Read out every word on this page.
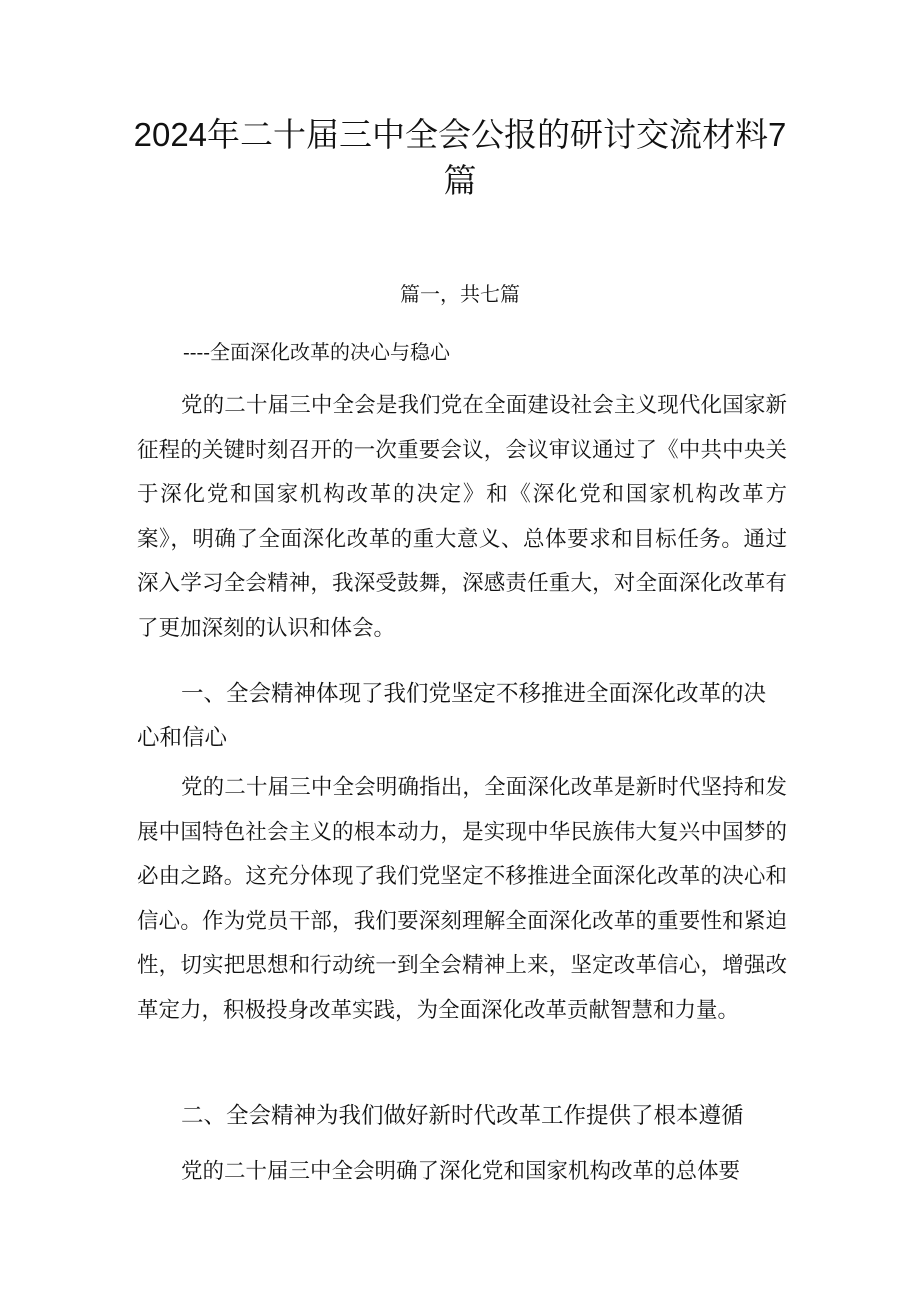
2024年二十届三中全会公报的研讨交流材料7篇

篇一，共七篇

----全面深化改革的决心与稳心

党的二十届三中全会是我们党在全面建设社会主义现代化国家新征程的关键时刻召开的一次重要会议，会议审议通过了《中共中央关于深化党和国家机构改革的决定》和《深化党和国家机构改革方案》，明确了全面深化改革的重大意义、总体要求和目标任务。通过深入学习全会精神，我深受鼓舞，深感责任重大，对全面深化改革有了更加深刻的认识和体会。

一、全会精神体现了我们党坚定不移推进全面深化改革的决心和信心

党的二十届三中全会明确指出，全面深化改革是新时代坚持和发展中国特色社会主义的根本动力，是实现中华民族伟大复兴中国梦的必由之路。这充分体现了我们党坚定不移推进全面深化改革的决心和信心。作为党员干部，我们要深刻理解全面深化改革的重要性和紧迫性，切实把思想和行动统一到全会精神上来，坚定改革信心，增强改革定力，积极投身改革实践，为全面深化改革贡献智慧和力量。

二、全会精神为我们做好新时代改革工作提供了根本遵循

党的二十届三中全会明确了深化党和国家机构改革的总体要
